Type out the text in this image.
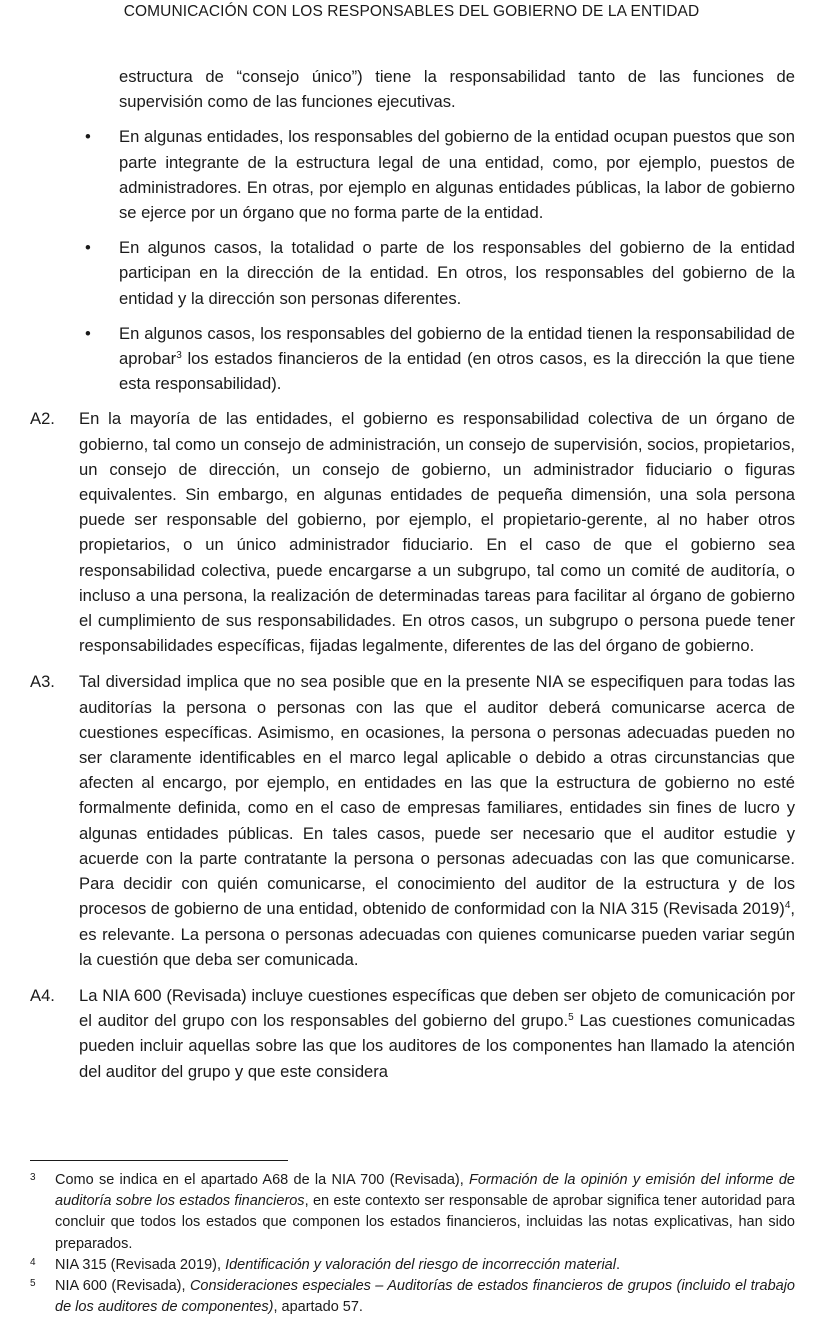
COMUNICACIÓN CON LOS RESPONSABLES DEL GOBIERNO DE LA ENTIDAD

estructura de “consejo único”) tiene la responsabilidad tanto de las funciones de supervisión como de las funciones ejecutivas.

• En algunas entidades, los responsables del gobierno de la entidad ocupan puestos que son parte integrante de la estructura legal de una entidad, como, por ejemplo, puestos de administradores. En otras, por ejemplo en algunas entidades públicas, la labor de gobierno se ejerce por un órgano que no forma parte de la entidad.

• En algunos casos, la totalidad o parte de los responsables del gobierno de la entidad participan en la dirección de la entidad. En otros, los responsables del gobierno de la entidad y la dirección son personas diferentes.

• En algunos casos, los responsables del gobierno de la entidad tienen la responsabilidad de aprobar$^3$ los estados financieros de la entidad (en otros casos, es la dirección la que tiene esta responsabilidad).

A2. En la mayoría de las entidades, el gobierno es responsabilidad colectiva de un órgano de gobierno, tal como un consejo de administración, un consejo de supervisión, socios, propietarios, un consejo de dirección, un consejo de gobierno, un administrador fiduciario o figuras equivalentes. Sin embargo, en algunas entidades de pequeña dimensión, una sola persona puede ser responsable del gobierno, por ejemplo, el propietario-gerente, al no haber otros propietarios, o un único administrador fiduciario. En el caso de que el gobierno sea responsabilidad colectiva, puede encargarse a un subgrupo, tal como un comité de auditoría, o incluso a una persona, la realización de determinadas tareas para facilitar al órgano de gobierno el cumplimiento de sus responsabilidades. En otros casos, un subgrupo o persona puede tener responsabilidades específicas, fijadas legalmente, diferentes de las del órgano de gobierno.

A3. Tal diversidad implica que no sea posible que en la presente NIA se especifiquen para todas las auditorías la persona o personas con las que el auditor deberá comunicarse acerca de cuestiones específicas. Asimismo, en ocasiones, la persona o personas adecuadas pueden no ser claramente identificables en el marco legal aplicable o debido a otras circunstancias que afecten al encargo, por ejemplo, en entidades en las que la estructura de gobierno no esté formalmente definida, como en el caso de empresas familiares, entidades sin fines de lucro y algunas entidades públicas. En tales casos, puede ser necesario que el auditor estudie y acuerde con la parte contratante la persona o personas adecuadas con las que comunicarse. Para decidir con quién comunicarse, el conocimiento del auditor de la estructura y de los procesos de gobierno de una entidad, obtenido de conformidad con la NIA 315 (Revisada 2019)$^4$, es relevante. La persona o personas adecuadas con quienes comunicarse pueden variar según la cuestión que deba ser comunicada.

A4. La NIA 600 (Revisada) incluye cuestiones específicas que deben ser objeto de comunicación por el auditor del grupo con los responsables del gobierno del grupo.$^5$ Las cuestiones comunicadas pueden incluir aquellas sobre las que los auditores de los componentes han llamado la atención del auditor del grupo y que este considera

3 Como se indica en el apartado A68 de la NIA 700 (Revisada), Formación de la opinión y emisión del informe de auditoría sobre los estados financieros, en este contexto ser responsable de aprobar significa tener autoridad para concluir que todos los estados que componen los estados financieros, incluidas las notas explicativas, han sido preparados.

4 NIA 315 (Revisada 2019), Identificación y valoración del riesgo de incorrección material.

5 NIA 600 (Revisada), Consideraciones especiales – Auditorías de estados financieros de grupos (incluido el trabajo de los auditores de componentes), apartado 57.
